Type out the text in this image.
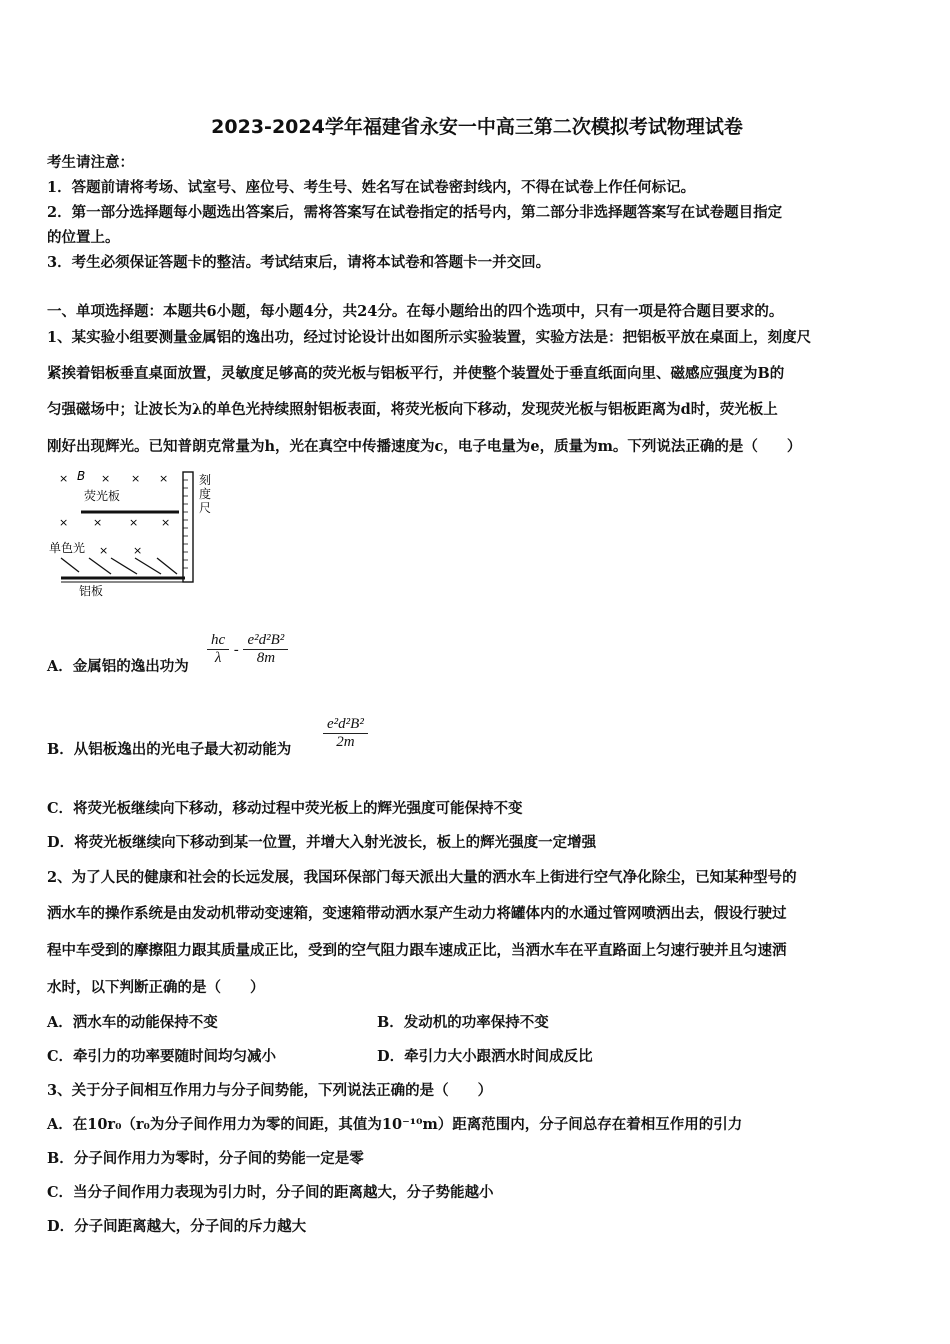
2023-2024学年福建省永安一中高三第二次模拟考试物理试卷
考生请注意：
1．答题前请将考场、试室号、座位号、考生号、姓名写在试卷密封线内，不得在试卷上作任何标记。
2．第一部分选择题每小题选出答案后，需将答案写在试卷指定的括号内，第二部分非选择题答案写在试卷题目指定
的位置上。
3．考生必须保证答题卡的整洁。考试结束后，请将本试卷和答题卡一并交回。
一、单项选择题：本题共6小题，每小题4分，共24分。在每小题给出的四个选项中，只有一项是符合题目要求的。
1、某实验小组要测量金属铝的逸出功，经过讨论设计出如图所示实验装置，实验方法是：把铝板平放在桌面上，刻度尺
紧挨着铝板垂直桌面放置，灵敏度足够高的荧光板与铝板平行，并使整个装置处于垂直纸面向里、磁感应强度为B的
匀强磁场中；让波长为λ的单色光持续照射铝板表面，将荧光板向下移动，发现荧光板与铝板距离为d时，荧光板上
刚好出现辉光。已知普朗克常量为h，光在真空中传播速度为c，电子电量为e，质量为m。下列说法正确的是（　　）
×	× × ×
B
荧光板
× × × ×
单色光 × ×
铝板
刻
度
尺
A．金属铝的逸出功为 $\frac{hc}{\lambda} - \frac{\text{e²d²B²}}{8m}$
B．从铝板逸出的光电子最大初动能为 $\frac{\text{e²d²B²}}{2m}$
C．将荧光板继续向下移动，移动过程中荧光板上的辉光强度可能保持不变
D．将荧光板继续向下移动到某一位置，并增大入射光波长，板上的辉光强度一定增强
2、为了人民的健康和社会的长远发展，我国环保部门每天派出大量的洒水车上街进行空气净化除尘，已知某种型号的
洒水车的操作系统是由发动机带动变速箱，变速箱带动洒水泵产生动力将罐体内的水通过管网喷洒出去，假设行驶过
程中车受到的摩擦阻力跟其质量成正比，受到的空气阻力跟车速成正比，当洒水车在平直路面上匀速行驶并且匀速洒
水时，以下判断正确的是（　　）
A．洒水车的动能保持不变	B．发动机的功率保持不变
C．牵引力的功率要随时间均匀减小	D．牵引力大小跟洒水时间成反比
3、关于分子间相互作用力与分子间势能，下列说法正确的是（　　）
A．在10r₀（r₀为分子间作用力为零的间距，其值为10⁻¹⁰m）距离范围内，分子间总存在着相互作用的引力
B．分子间作用力为零时，分子间的势能一定是零
C．当分子间作用力表现为引力时，分子间的距离越大，分子势能越小
D．分子间距离越大，分子间的斥力越大
